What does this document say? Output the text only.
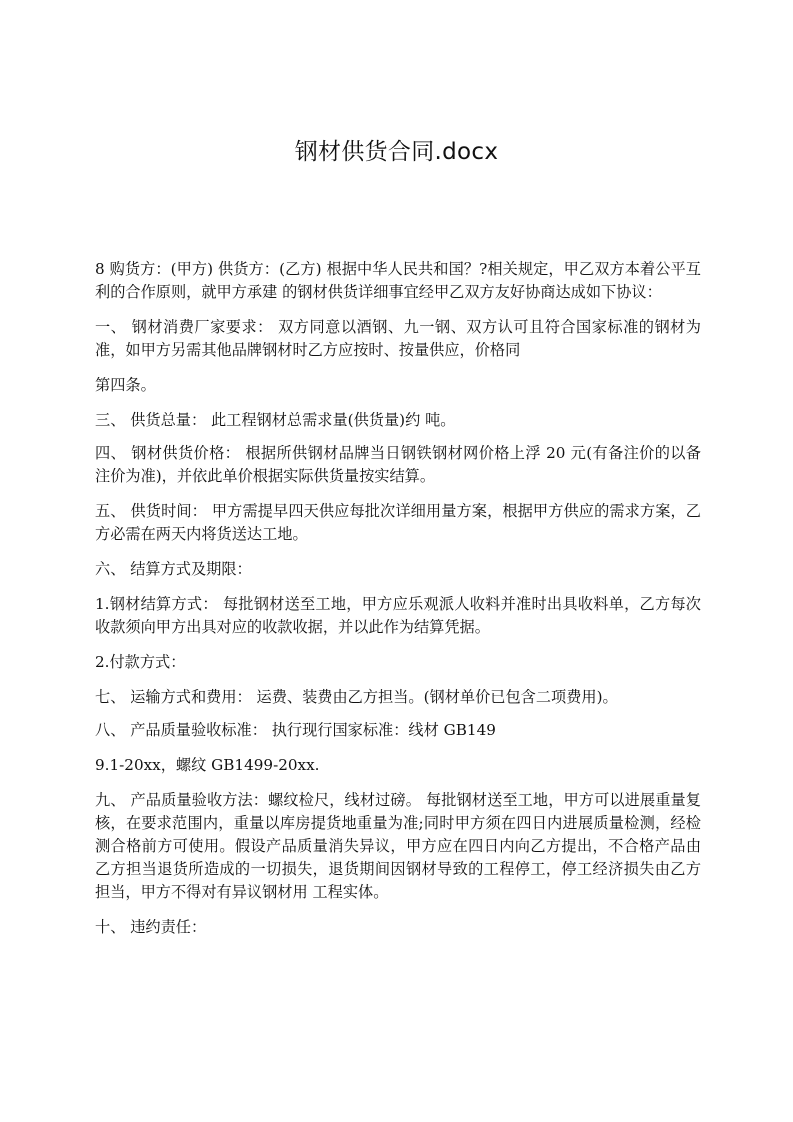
钢材供货合同.docx

8 购货方：(甲方) 供货方：(乙方) 根据中华人民共和国？?相关规定，甲乙双方本着公平互利的合作原则，就甲方承建 的钢材供货详细事宜经甲乙双方友好协商达成如下协议：

一、 钢材消费厂家要求： 双方同意以酒钢、九一钢、双方认可且符合国家标准的钢材为准，如甲方另需其他品牌钢材时乙方应按时、按量供应，价格同

第四条。

三、 供货总量： 此工程钢材总需求量(供货量)约 吨。

四、 钢材供货价格： 根据所供钢材品牌当日钢铁钢材网价格上浮 20 元(有备注价的以备注价为准)，并依此单价根据实际供货量按实结算。

五、 供货时间： 甲方需提早四天供应每批次详细用量方案，根据甲方供应的需求方案，乙方必需在两天内将货送达工地。

六、 结算方式及期限：

1.钢材结算方式： 每批钢材送至工地，甲方应乐观派人收料并准时出具收料单，乙方每次收款须向甲方出具对应的收款收据，并以此作为结算凭据。

2.付款方式：

七、 运输方式和费用： 运费、装费由乙方担当。(钢材单价已包含二项费用)。

八、 产品质量验收标准： 执行现行国家标准：线材 GB149

9.1-20xx，螺纹 GB1499-20xx.

九、 产品质量验收方法：螺纹检尺，线材过磅。 每批钢材送至工地，甲方可以进展重量复核，在要求范围内，重量以库房提货地重量为准;同时甲方须在四日内进展质量检测，经检测合格前方可使用。假设产品质量消失异议，甲方应在四日内向乙方提出，不合格产品由乙方担当退货所造成的一切损失，退货期间因钢材导致的工程停工，停工经济损失由乙方担当，甲方不得对有异议钢材用 工程实体。

十、 违约责任：
